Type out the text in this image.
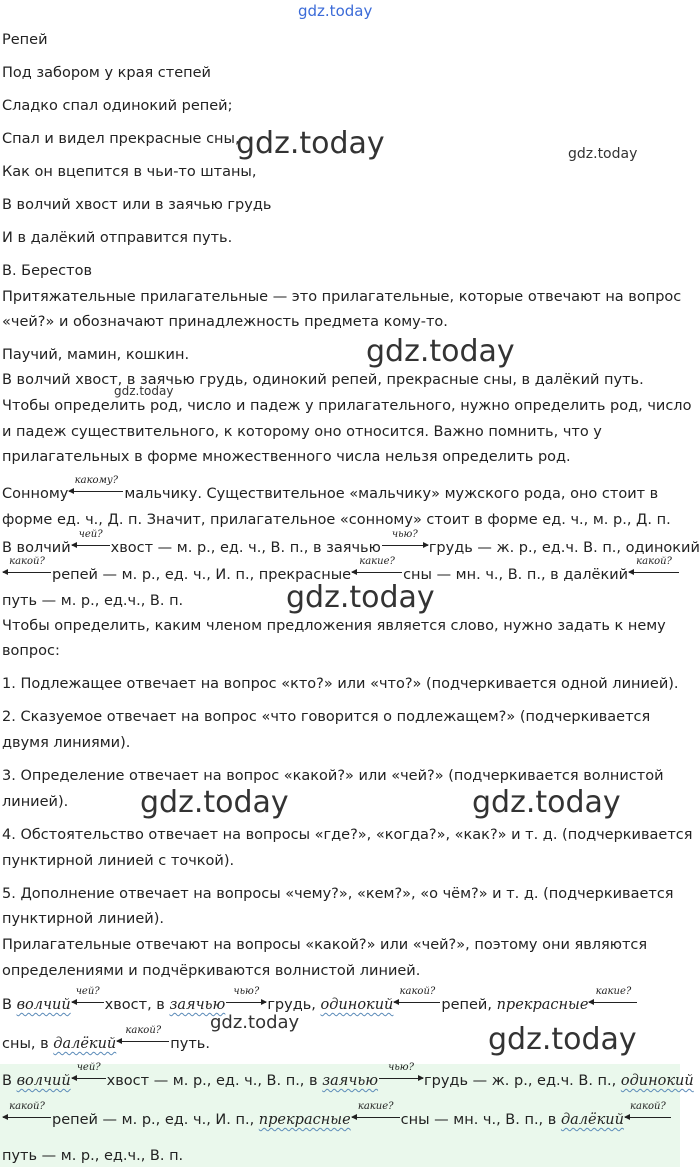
gdz.today
Репей
Под забором у края степей
Сладко спал одинокий репей;
Спал и видел прекрасные сны,
Как он вцепится в чьи-то штаны,
В волчий хвост или в заячью грудь
И в далёкий отправится путь.
В. Берестов
Притяжательные прилагательные — это прилагательные, которые отвечают на вопрос
«чей?» и обозначают принадлежность предмета кому-то.
Паучий, мамин, кошкин.
В волчий хвост, в заячью грудь, одинокий репей, прекрасные сны, в далёкий путь.
Чтобы определить род, число и падеж у прилагательного, нужно определить род, число
и падеж существительного, к которому оно относится. Важно помнить, что у
прилагательных в форме множественного числа нельзя определить род.
Сонному
какому?
мальчику. Существительное «мальчику» мужского рода, оно стоит в
форме ед. ч., Д. п. Значит, прилагательное «сонному» стоит в форме ед. ч., м. р., Д. п.
В волчий
чей?
хвост — м. р., ед. ч., В. п., в заячью
чью?
грудь — ж. р., ед.ч. В. п., одинокий
какой?
репей — м. р., ед. ч., И. п., прекрасные
какие?
сны — мн. ч., В. п., в далёкий
какой?
путь — м. р., ед.ч., В. п.
Чтобы определить, каким членом предложения является слово, нужно задать к нему
вопрос:
1. Подлежащее отвечает на вопрос «кто?» или «что?» (подчеркивается одной линией).
2. Сказуемое отвечает на вопрос «что говорится о подлежащем?» (подчеркивается
двумя линиями).
3. Определение отвечает на вопрос «какой?» или «чей?» (подчеркивается волнистой
линией).
4. Обстоятельство отвечает на вопросы «где?», «когда?», «как?» и т. д. (подчеркивается
пунктирной линией с точкой).
5. Дополнение отвечает на вопросы «чему?», «кем?», «о чём?» и т. д. (подчеркивается
пунктирной линией).
Прилагательные отвечают на вопросы «какой?» или «чей?», поэтому они являются
определениями и подчёркиваются волнистой линией.
В волчий
чей?
хвост, в заячью
чью?
грудь, одинокий
какой?
репей, прекрасные
какие?
сны, в далёкий
какой?
путь.
В волчий
чей?
хвост — м. р., ед. ч., В. п., в заячью
чью?
грудь — ж. р., ед.ч. В. п., одинокий
какой?
репей — м. р., ед. ч., И. п., прекрасные
какие?
сны — мн. ч., В. п., в далёкий
какой?
путь — м. р., ед.ч., В. п.
gdz.today	gdz.today
gdz.today
gdz.today
gdz.today
gdz.today	gdz.today
gdz.today	gdz.today
